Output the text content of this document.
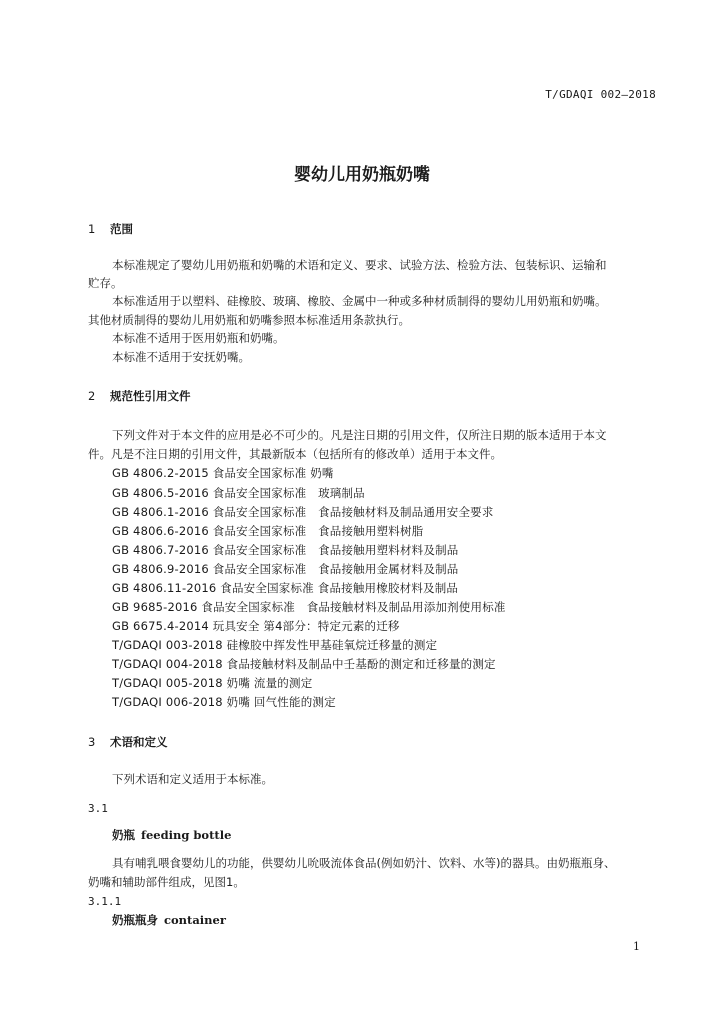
T/GDAQI 002—2018
婴幼儿用奶瓶奶嘴
1 范围
本标准规定了婴幼儿用奶瓶和奶嘴的术语和定义、要求、试验方法、检验方法、包装标识、运输和
贮存。
本标准适用于以塑料、硅橡胶、玻璃、橡胶、金属中一种或多种材质制得的婴幼儿用奶瓶和奶嘴。
其他材质制得的婴幼儿用奶瓶和奶嘴参照本标准适用条款执行。
本标准不适用于医用奶瓶和奶嘴。
本标准不适用于安抚奶嘴。
2 规范性引用文件
下列文件对于本文件的应用是必不可少的。凡是注日期的引用文件，仅所注日期的版本适用于本文
件。凡是不注日期的引用文件，其最新版本（包括所有的修改单）适用于本文件。
GB 4806.2-2015 食品安全国家标准 奶嘴
GB 4806.5-2016 食品安全国家标准　玻璃制品
GB 4806.1-2016 食品安全国家标准　食品接触材料及制品通用安全要求
GB 4806.6-2016 食品安全国家标准　食品接触用塑料树脂
GB 4806.7-2016 食品安全国家标准　食品接触用塑料材料及制品
GB 4806.9-2016 食品安全国家标准　食品接触用金属材料及制品
GB 4806.11-2016 食品安全国家标准 食品接触用橡胶材料及制品
GB 9685-2016 食品安全国家标准　食品接触材料及制品用添加剂使用标准
GB 6675.4-2014 玩具安全 第4部分：特定元素的迁移
T/GDAQI 003-2018 硅橡胶中挥发性甲基硅氧烷迁移量的测定
T/GDAQI 004-2018 食品接触材料及制品中壬基酚的测定和迁移量的测定
T/GDAQI 005-2018 奶嘴 流量的测定
T/GDAQI 006-2018 奶嘴 回气性能的测定
3 术语和定义
下列术语和定义适用于本标准。
3.1
奶瓶 feeding bottle
具有哺乳喂食婴幼儿的功能，供婴幼儿吮吸流体食品(例如奶汁、饮料、水等)的器具。由奶瓶瓶身、
奶嘴和辅助部件组成，见图1。
3.1.1
奶瓶瓶身 container
1
